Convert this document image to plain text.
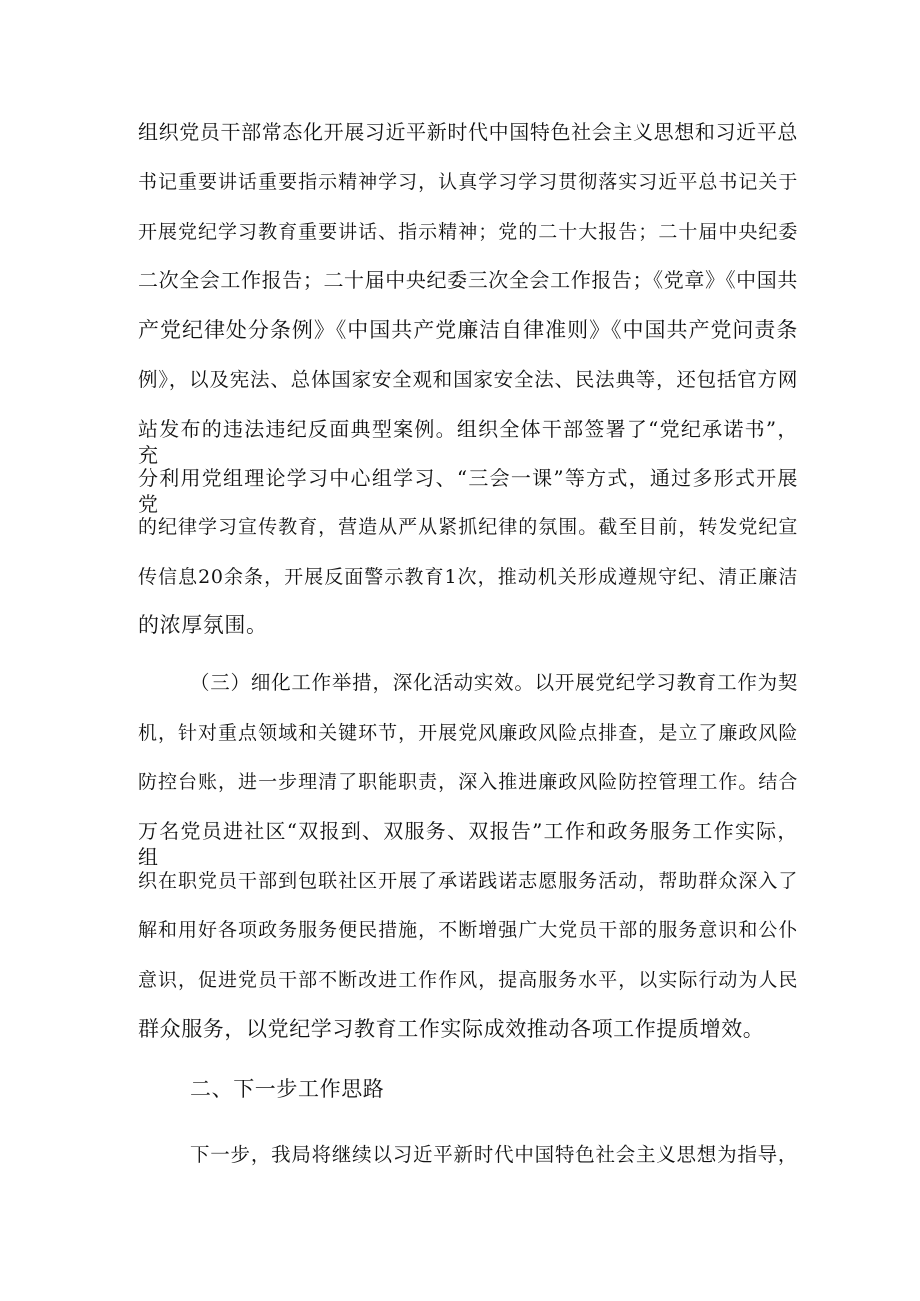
组织党员干部常态化开展习近平新时代中国特色社会主义思想和习近平总
书记重要讲话重要指示精神学习，认真学习学习贯彻落实习近平总书记关于
开展党纪学习教育重要讲话、指示精神；党的二十大报告；二十届中央纪委
二次全会工作报告；二十届中央纪委三次全会工作报告；《党章》《中国共
产党纪律处分条例》《中国共产党廉洁自律准则》《中国共产党问责条
例》，以及宪法、总体国家安全观和国家安全法、民法典等，还包括官方网
站发布的违法违纪反面典型案例。组织全体干部签署了“党纪承诺书”，充
分利用党组理论学习中心组学习、“三会一课”等方式，通过多形式开展党
的纪律学习宣传教育，营造从严从紧抓纪律的氛围。截至目前，转发党纪宣
传信息20余条，开展反面警示教育1次，推动机关形成遵规守纪、清正廉洁
的浓厚氛围。
（三）细化工作举措，深化活动实效。以开展党纪学习教育工作为契
机，针对重点领域和关键环节，开展党风廉政风险点排查，是立了廉政风险
防控台账，进一步理清了职能职责，深入推进廉政风险防控管理工作。结合
万名党员进社区“双报到、双服务、双报告”工作和政务服务工作实际，组
织在职党员干部到包联社区开展了承诺践诺志愿服务活动，帮助群众深入了
解和用好各项政务服务便民措施，不断增强广大党员干部的服务意识和公仆
意识，促进党员干部不断改进工作作风，提高服务水平，以实际行动为人民
群众服务，以党纪学习教育工作实际成效推动各项工作提质增效。
二、下一步工作思路
下一步，我局将继续以习近平新时代中国特色社会主义思想为指导，
